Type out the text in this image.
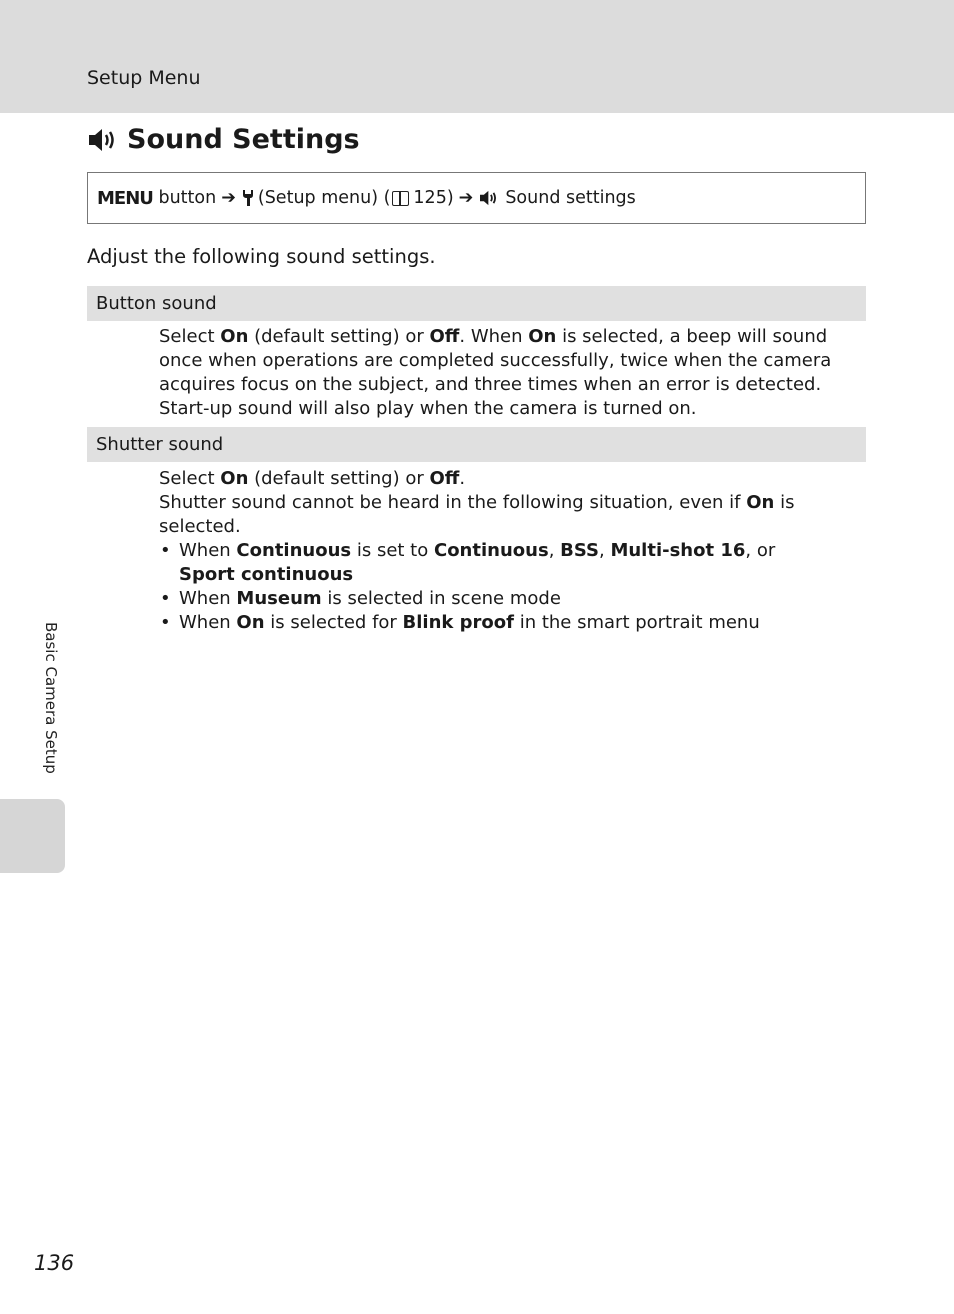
Setup Menu
Sound Settings
MENU
button ➔ (Setup menu) ( 125) ➔ Sound settings

Adjust the following sound settings.

Button sound

Select On (default setting) or Off. When On is selected, a beep will sound once when operations are completed successfully, twice when the camera acquires focus on the subject, and three times when an error is detected. Start-up sound will also play when the camera is turned on.

Shutter sound

Select On (default setting) or Off.

Shutter sound cannot be heard in the following situation, even if On is selected.

• When Continuous is set to Continuous, BSS, Multi-shot 16, or Sport continuous
• When Museum is selected in scene mode
• When On is selected for Blink proof in the smart portrait menu
Basic Camera Setup
136
